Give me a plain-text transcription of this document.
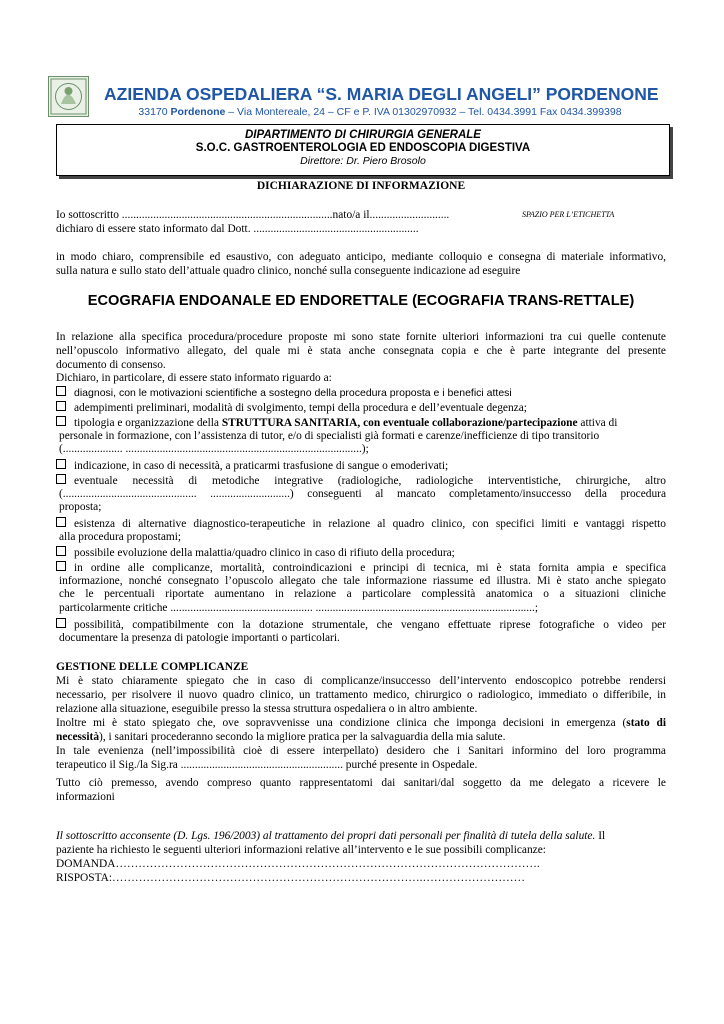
AZIENDA OSPEDALIERA “S. MARIA DEGLI ANGELI” PORDENONE
33170 Pordenone – Via Montereale, 24 – CF e P. IVA 01302970932 – Tel. 0434.3991 Fax 0434.399398
DIPARTIMENTO DI CHIRURGIA GENERALE
S.O.C. GASTROENTEROLOGIA ED ENDOSCOPIA DIGESTIVA
Direttore: Dr. Piero Brosolo
DICHIARAZIONE DI INFORMAZIONE
Io sottoscritto ..........................................................................nato/a il............................	SPAZIO PER L’ETICHETTA
dichiaro di essere stato informato dal Dott. ..........................................................
in modo chiaro, comprensibile ed esaustivo, con adeguato anticipo, mediante colloquio e consegna di materiale informativo,
sulla natura e sullo stato dell’attuale quadro clinico, nonché sulla conseguente indicazione ad eseguire
ECOGRAFIA ENDOANALE ED ENDORETTALE (ECOGRAFIA TRANS-RETTALE)
In relazione alla specifica procedura/procedure proposte mi sono state fornite ulteriori informazioni tra cui quelle contenute
nell’opuscolo informativo allegato, del quale mi è stata anche consegnata copia e che è parte integrante del presente
documento di consenso.
Dichiaro, in particolare, di essere stato informato riguardo a:
diagnosi, con le motivazioni scientifiche a sostegno della procedura proposta e i benefici attesi
adempimenti preliminari, modalità di svolgimento, tempi della procedura e dell’eventuale degenza;
tipologia e organizzazione della STRUTTURA SANITARIA, con eventuale collaborazione/partecipazione attiva di
personale in formazione, con l’assistenza di tutor, e/o di specialisti già formati e carenze/inefficienze di tipo transitorio
(..................... ...................................................................................);
indicazione, in caso di necessità, a praticarmi trasfusione di sangue o emoderivati;
eventuale necessità di metodiche integrative (radiologiche, radiologiche interventistiche, chirurgiche, altro
(............................................... ............................) conseguenti al mancato completamento/insuccesso della procedura
proposta;
esistenza di alternative diagnostico-terapeutiche in relazione al quadro clinico, con specifici limiti e vantaggi rispetto
alla procedura propostami;
possibile evoluzione della malattia/quadro clinico in caso di rifiuto della procedura;
in ordine alle complicanze, mortalità, controindicazioni e principi di tecnica, mi è stata fornita ampia e specifica
informazione, nonché consegnato l’opuscolo allegato che tale informazione riassume ed illustra. Mi è stato anche spiegato
che le percentuali riportate aumentano in relazione a particolare complessità anatomica o a situazioni cliniche
particolarmente critiche .................................................. .............................................................................;
possibilità, compatibilmente con la dotazione strumentale, che vengano effettuate riprese fotografiche o video per
documentare la presenza di patologie importanti o particolari.
GESTIONE DELLE COMPLICANZE
Mi è stato chiaramente spiegato che in caso di complicanze/insuccesso dell’intervento endoscopico potrebbe rendersi
necessario, per risolvere il nuovo quadro clinico, un trattamento medico, chirurgico o radiologico, immediato o differibile, in
relazione alla situazione, eseguibile presso la stessa struttura ospedaliera o in altro ambiente.
Inoltre mi è stato spiegato che, ove sopravvenisse una condizione clinica che imponga decisioni in emergenza (stato di
necessità), i sanitari procederanno secondo la migliore pratica per la salvaguardia della mia salute.
In tale evenienza (nell’impossibilità cioè di essere interpellato) desidero che i Sanitari informino del loro programma
terapeutico il Sig./la Sig.ra ......................................................... purché presente in Ospedale.
Tutto ciò premesso, avendo compreso quanto rappresentatomi dai sanitari/dal soggetto da me delegato a ricevere le
informazioni
Il sottoscritto acconsente (D. Lgs. 196/2003) al trattamento dei propri dati personali per finalità di tutela della salute. Il
paziente ha richiesto le seguenti ulteriori informazioni relative all’intervento e le sue possibili complicanze:
DOMANDA………………………………………………………………………………………………….
RISPOSTA:……………………………………………………………………….………………………
